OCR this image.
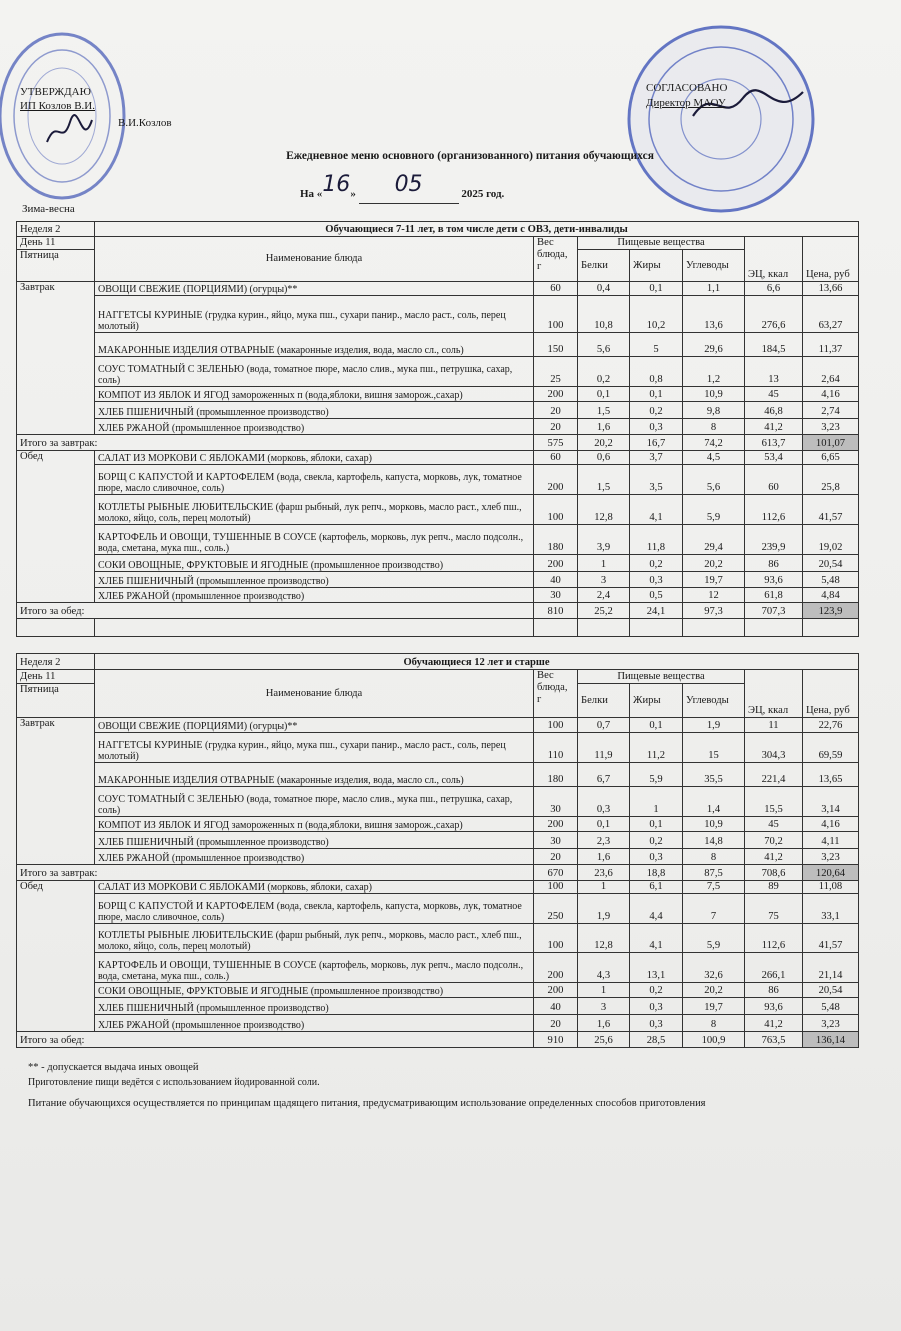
УТВЕРЖДАЮ
ИП Козлов В.И.
В.И.Козлов
СОГЛАСОВАНО
Директор МАОУ
Ежедневное меню основного (организованного) питания обучающихся
На «16» 05	2025 год.
Зима-весна
Неделя 2	Обучающиеся 7-11 лет, в том числе дети с ОВЗ, дети-инвалиды						
День 11	Наименование блюда	Вес блюда, г	Пищевые вещества			ЭЦ, ккал	Цена, руб
Пятница			Белки	Жиры	Углеводы		
Завтрак	ОВОЩИ СВЕЖИЕ (ПОРЦИЯМИ) (огурцы)**	60	0,4	0,1	1,1	6,6	13,66
	НАГГЕТСЫ КУРИНЫЕ (грудка курин., яйцо, мука пш., сухари панир., масло раст., соль, перец молотый)	100	10,8	10,2	13,6	276,6	63,27
	МАКАРОННЫЕ ИЗДЕЛИЯ ОТВАРНЫЕ (макаронные изделия, вода, масло сл., соль)	150	5,6	5	29,6	184,5	11,37
	СОУС ТОМАТНЫЙ С ЗЕЛЕНЬЮ (вода, томатное пюре, масло слив., мука пш., петрушка, сахар, соль)	25	0,2	0,8	1,2	13	2,64
	КОМПОТ ИЗ ЯБЛОК И ЯГОД замороженных п (вода,яблоки, вишня заморож.,сахар)	200	0,1	0,1	10,9	45	4,16
	ХЛЕБ ПШЕНИЧНЫЙ (промышленное производство)	20	1,5	0,2	9,8	46,8	2,74
	ХЛЕБ РЖАНОЙ (промышленное производство)	20	1,6	0,3	8	41,2	3,23
Итого за завтрак:		575	20,2	16,7	74,2	613,7	101,07
Обед	САЛАТ ИЗ МОРКОВИ С ЯБЛОКАМИ (морковь, яблоки, сахар)	60	0,6	3,7	4,5	53,4	6,65
	БОРЩ С КАПУСТОЙ И КАРТОФЕЛЕМ (вода, свекла, картофель, капуста, морковь, лук, томатное пюре, масло сливочное, соль)	200	1,5	3,5	5,6	60	25,8
	КОТЛЕТЫ РЫБНЫЕ ЛЮБИТЕЛЬСКИЕ (фарш рыбный, лук репч., морковь, масло раст., хлеб пш., молоко, яйцо, соль, перец молотый)	100	12,8	4,1	5,9	112,6	41,57
	КАРТОФЕЛЬ И ОВОЩИ, ТУШЕННЫЕ В СОУСЕ (картофель, морковь, лук репч., масло подсолн., вода, сметана, мука пш., соль.)	180	3,9	11,8	29,4	239,9	19,02
	СОКИ ОВОЩНЫЕ, ФРУКТОВЫЕ И ЯГОДНЫЕ (промышленное производство)	200	1	0,2	20,2	86	20,54
	ХЛЕБ ПШЕНИЧНЫЙ (промышленное производство)	40	3	0,3	19,7	93,6	5,48
	ХЛЕБ РЖАНОЙ (промышленное производство)	30	2,4	0,5	12	61,8	4,84
Итого за обед:		810	25,2	24,1	97,3	707,3	123,9

Неделя 2	Обучающиеся 12 лет и старше						
День 11	Наименование блюда	Вес блюда, г	Пищевые вещества			ЭЦ, ккал	Цена, руб
Пятница			Белки	Жиры	Углеводы		
Завтрак	ОВОЩИ СВЕЖИЕ (ПОРЦИЯМИ) (огурцы)**	100	0,7	0,1	1,9	11	22,76
	НАГГЕТСЫ КУРИНЫЕ (грудка курин., яйцо, мука пш., сухари панир., масло раст., соль, перец молотый)	110	11,9	11,2	15	304,3	69,59
	МАКАРОННЫЕ ИЗДЕЛИЯ ОТВАРНЫЕ (макаронные изделия, вода, масло сл., соль)	180	6,7	5,9	35,5	221,4	13,65
	СОУС ТОМАТНЫЙ С ЗЕЛЕНЬЮ (вода, томатное пюре, масло слив., мука пш., петрушка, сахар, соль)	30	0,3	1	1,4	15,5	3,14
	КОМПОТ ИЗ ЯБЛОК И ЯГОД замороженных п (вода,яблоки, вишня заморож.,сахар)	200	0,1	0,1	10,9	45	4,16
	ХЛЕБ ПШЕНИЧНЫЙ (промышленное производство)	30	2,3	0,2	14,8	70,2	4,11
	ХЛЕБ РЖАНОЙ (промышленное производство)	20	1,6	0,3	8	41,2	3,23
Итого за завтрак:		670	23,6	18,8	87,5	708,6	120,64
Обед	САЛАТ ИЗ МОРКОВИ С ЯБЛОКАМИ (морковь, яблоки, сахар)	100	1	6,1	7,5	89	11,08
	БОРЩ С КАПУСТОЙ И КАРТОФЕЛЕМ (вода, свекла, картофель, капуста, морковь, лук, томатное пюре, масло сливочное, соль)	250	1,9	4,4	7	75	33,1
	КОТЛЕТЫ РЫБНЫЕ ЛЮБИТЕЛЬСКИЕ (фарш рыбный, лук репч., морковь, масло раст., хлеб пш., молоко, яйцо, соль, перец молотый)	100	12,8	4,1	5,9	112,6	41,57
	КАРТОФЕЛЬ И ОВОЩИ, ТУШЕННЫЕ В СОУСЕ (картофель, морковь, лук репч., масло подсолн., вода, сметана, мука пш., соль.)	200	4,3	13,1	32,6	266,1	21,14
	СОКИ ОВОЩНЫЕ, ФРУКТОВЫЕ И ЯГОДНЫЕ (промышленное производство)	200	1	0,2	20,2	86	20,54
	ХЛЕБ ПШЕНИЧНЫЙ (промышленное производство)	40	3	0,3	19,7	93,6	5,48
	ХЛЕБ РЖАНОЙ (промышленное производство)	20	1,6	0,3	8	41,2	3,23
Итого за обед:		910	25,6	28,5	100,9	763,5	136,14
** - допускается выдача иных овощей
Приготовление пищи ведётся с использованием йодированной соли.
Питание обучающихся осуществляется по принципам щадящего питания, предусматривающим использование определенных способов приготовления
